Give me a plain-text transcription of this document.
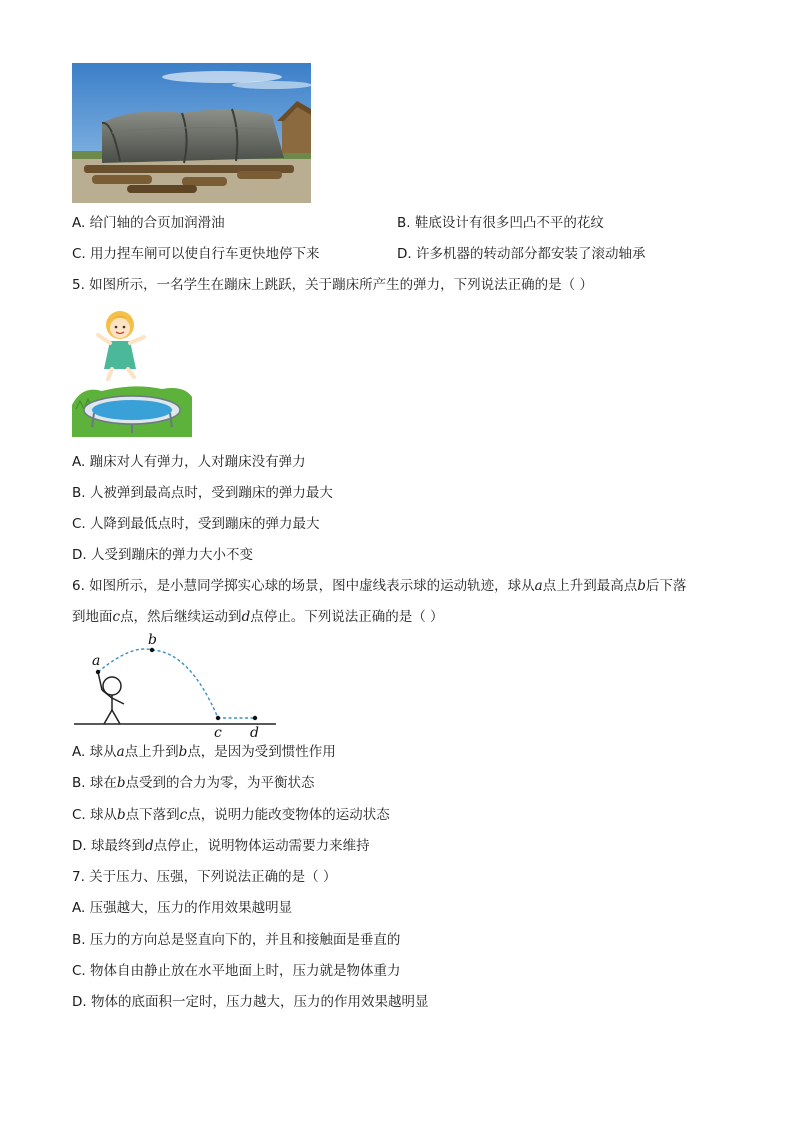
A. 给门轴的合页加润滑油	B. 鞋底设计有很多凹凸不平的花纹
C. 用力捏车闸可以使自行车更快地停下来	D. 许多机器的转动部分都安装了滚动轴承
5. 如图所示，一名学生在蹦床上跳跃，关于蹦床所产生的弹力，下列说法正确的是（ ）
A. 蹦床对人有弹力，人对蹦床没有弹力
B. 人被弹到最高点时，受到蹦床的弹力最大
C. 人降到最低点时，受到蹦床的弹力最大
D. 人受到蹦床的弹力大小不变
6. 如图所示，是小慧同学掷实心球的场景，图中虚线表示球的运动轨迹，球从a点上升到最高点b后下落
到地面c点，然后继续运动到d点停止。下列说法正确的是（ ）
a
b
c d
A. 球从a点上升到b点，是因为受到惯性作用
B. 球在b点受到的合力为零，为平衡状态
C. 球从b点下落到c点，说明力能改变物体的运动状态
D. 球最终到d点停止，说明物体运动需要力来维持
7. 关于压力、压强，下列说法正确的是（ ）
A. 压强越大，压力的作用效果越明显
B. 压力的方向总是竖直向下的，并且和接触面是垂直的
C. 物体自由静止放在水平地面上时，压力就是物体重力
D. 物体的底面积一定时，压力越大，压力的作用效果越明显
